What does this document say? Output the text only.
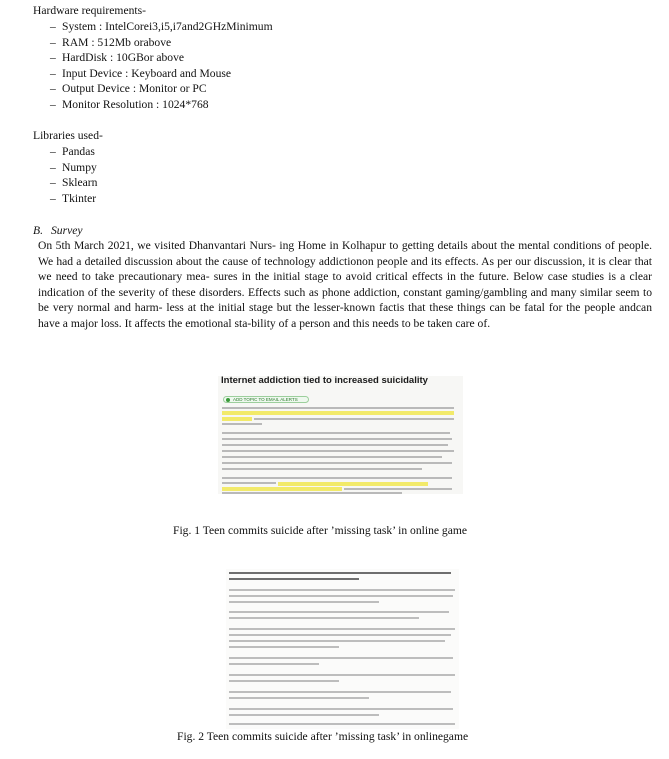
Hardware requirements-
– System : IntelCorei3,i5,i7and2GHzMinimum
– RAM : 512Mb orabove
– HardDisk : 10GBor above
– Input Device : Keyboard and Mouse
– Output Device : Monitor or PC
– Monitor Resolution : 1024*768
Libraries used-
– Pandas
– Numpy
– Sklearn
– Tkinter
B. Survey

On 5th March 2021, we visited Dhanvantari Nurs- ing Home in Kolhapur to getting details about the mental conditions of people. We had a detailed discussion about the cause of technology addictionon people and its effects. As per our discussion, it is clear that we need to take precautionary mea- sures in the initial stage to avoid critical effects in the future. Below case studies is a clear indication of the severity of these disorders. Effects such as phone addiction, constant gaming/gambling and many similar seem to be very normal and harm- less at the initial stage but the lesser-known factis that these things can be fatal for the people andcan have a major loss. It affects the emotional sta-bility of a person and this needs to be taken care of.

Internet addiction tied to increased suicidality
ADD TOPIC TO EMAIL ALERTS
Fig. 1 Teen commits suicide after ’missing task’ in online game
Fig. 2 Teen commits suicide after ’missing task’ in onlinegame
